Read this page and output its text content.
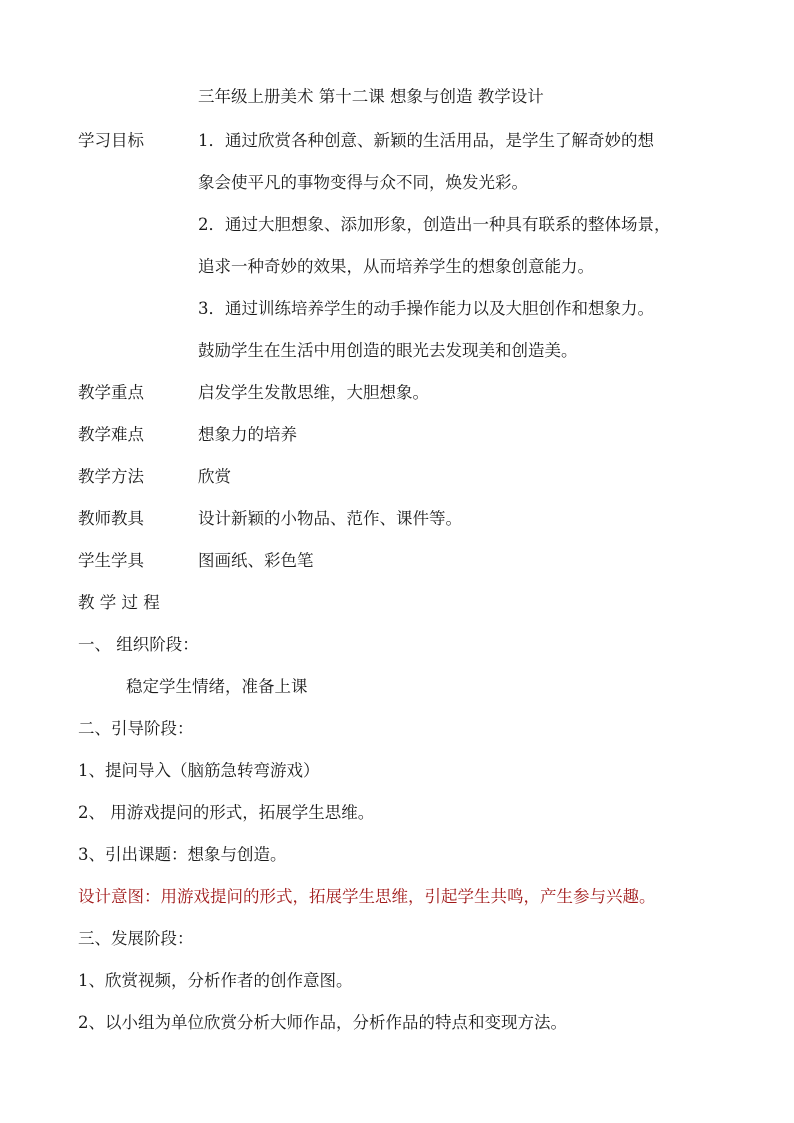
三年级上册美术 第十二课 想象与创造 教学设计
学习目标	1．通过欣赏各种创意、新颖的生活用品，是学生了解奇妙的想
象会使平凡的事物变得与众不同，焕发光彩。
2．通过大胆想象、添加形象，创造出一种具有联系的整体场景，
追求一种奇妙的效果，从而培养学生的想象创意能力。
3．通过训练培养学生的动手操作能力以及大胆创作和想象力。
鼓励学生在生活中用创造的眼光去发现美和创造美。
教学重点	启发学生发散思维，大胆想象。
教学难点	想象力的培养
教学方法	欣赏
教师教具	设计新颖的小物品、范作、课件等。
学生学具	图画纸、彩色笔
教 学 过 程
一、 组织阶段：
稳定学生情绪，准备上课
二、引导阶段：
1、提问导入（脑筋急转弯游戏）
2、 用游戏提问的形式，拓展学生思维。
3、引出课题：想象与创造。
设计意图：用游戏提问的形式，拓展学生思维，引起学生共鸣，产生参与兴趣。
三、发展阶段：
1、欣赏视频，分析作者的创作意图。
2、以小组为单位欣赏分析大师作品，分析作品的特点和变现方法。
